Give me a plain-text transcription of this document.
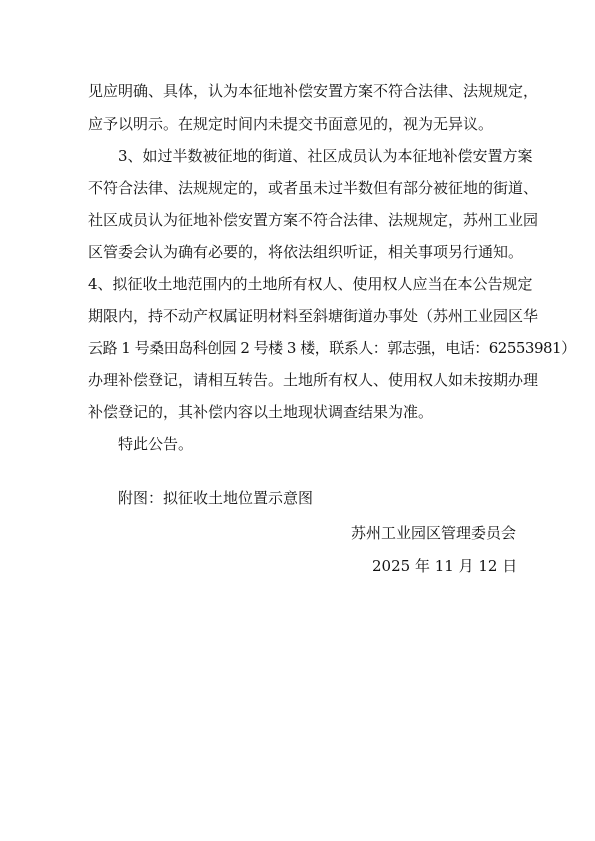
见应明确、具体，认为本征地补偿安置方案不符合法律、法规规定，
应予以明示。在规定时间内未提交书面意见的，视为无异议。
3、如过半数被征地的街道、社区成员认为本征地补偿安置方案
不符合法律、法规规定的，或者虽未过半数但有部分被征地的街道、
社区成员认为征地补偿安置方案不符合法律、法规规定，苏州工业园
区管委会认为确有必要的，将依法组织听证，相关事项另行通知。
4、拟征收土地范围内的土地所有权人、使用权人应当在本公告规定
期限内，持不动产权属证明材料至斜塘街道办事处（苏州工业园区华
云路 1 号桑田岛科创园 2 号楼 3 楼，联系人：郭志强，电话：62553981）
办理补偿登记，请相互转告。土地所有权人、使用权人如未按期办理
补偿登记的，其补偿内容以土地现状调查结果为准。
特此公告。
附图：拟征收土地位置示意图
苏州工业园区管理委员会
2025 年 11 月 12 日
